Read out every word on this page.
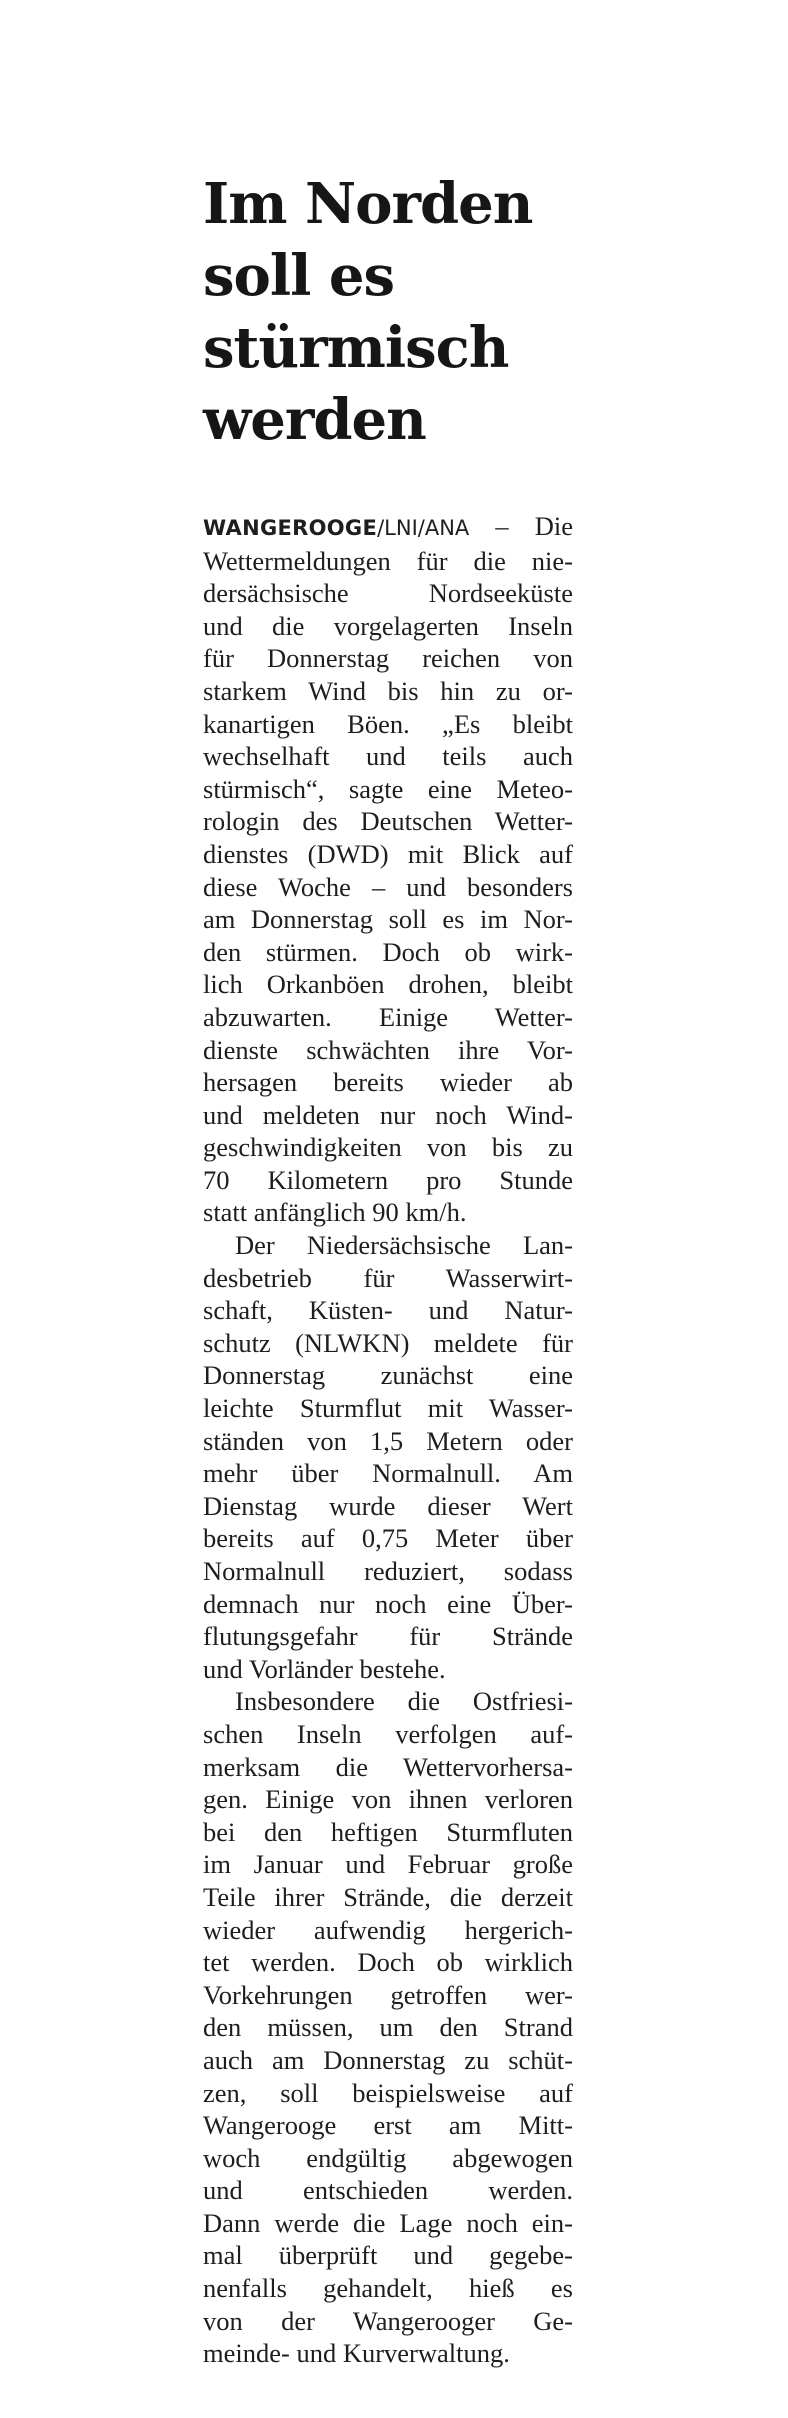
Im Norden
soll es
stürmisch
werden

WANGEROOGE/LNI/ANA – Die
Wettermeldungen für die nie-
dersächsische Nordseeküste
und die vorgelagerten Inseln
für Donnerstag reichen von
starkem Wind bis hin zu or-
kanartigen Böen. „Es bleibt
wechselhaft und teils auch
stürmisch“, sagte eine Meteo-
rologin des Deutschen Wetter-
dienstes (DWD) mit Blick auf
diese Woche – und besonders
am Donnerstag soll es im Nor-
den stürmen. Doch ob wirk-
lich Orkanböen drohen, bleibt
abzuwarten. Einige Wetter-
dienste schwächten ihre Vor-
hersagen bereits wieder ab
und meldeten nur noch Wind-
geschwindigkeiten von bis zu
70 Kilometern pro Stunde
statt anfänglich 90 km/h.

Der Niedersächsische Lan-
desbetrieb für Wasserwirt-
schaft, Küsten- und Natur-
schutz (NLWKN) meldete für
Donnerstag zunächst eine
leichte Sturmflut mit Wasser-
ständen von 1,5 Metern oder
mehr über Normalnull. Am
Dienstag wurde dieser Wert
bereits auf 0,75 Meter über
Normalnull reduziert, sodass
demnach nur noch eine Über-
flutungsgefahr für Strände
und Vorländer bestehe.

Insbesondere die Ostfriesi-
schen Inseln verfolgen auf-
merksam die Wettervorhersa-
gen. Einige von ihnen verloren
bei den heftigen Sturmfluten
im Januar und Februar große
Teile ihrer Strände, die derzeit
wieder aufwendig hergerich-
tet werden. Doch ob wirklich
Vorkehrungen getroffen wer-
den müssen, um den Strand
auch am Donnerstag zu schüt-
zen, soll beispielsweise auf
Wangerooge erst am Mitt-
woch endgültig abgewogen
und entschieden werden.
Dann werde die Lage noch ein-
mal überprüft und gegebe-
nenfalls gehandelt, hieß es
von der Wangerooger Ge-
meinde- und Kurverwaltung.
